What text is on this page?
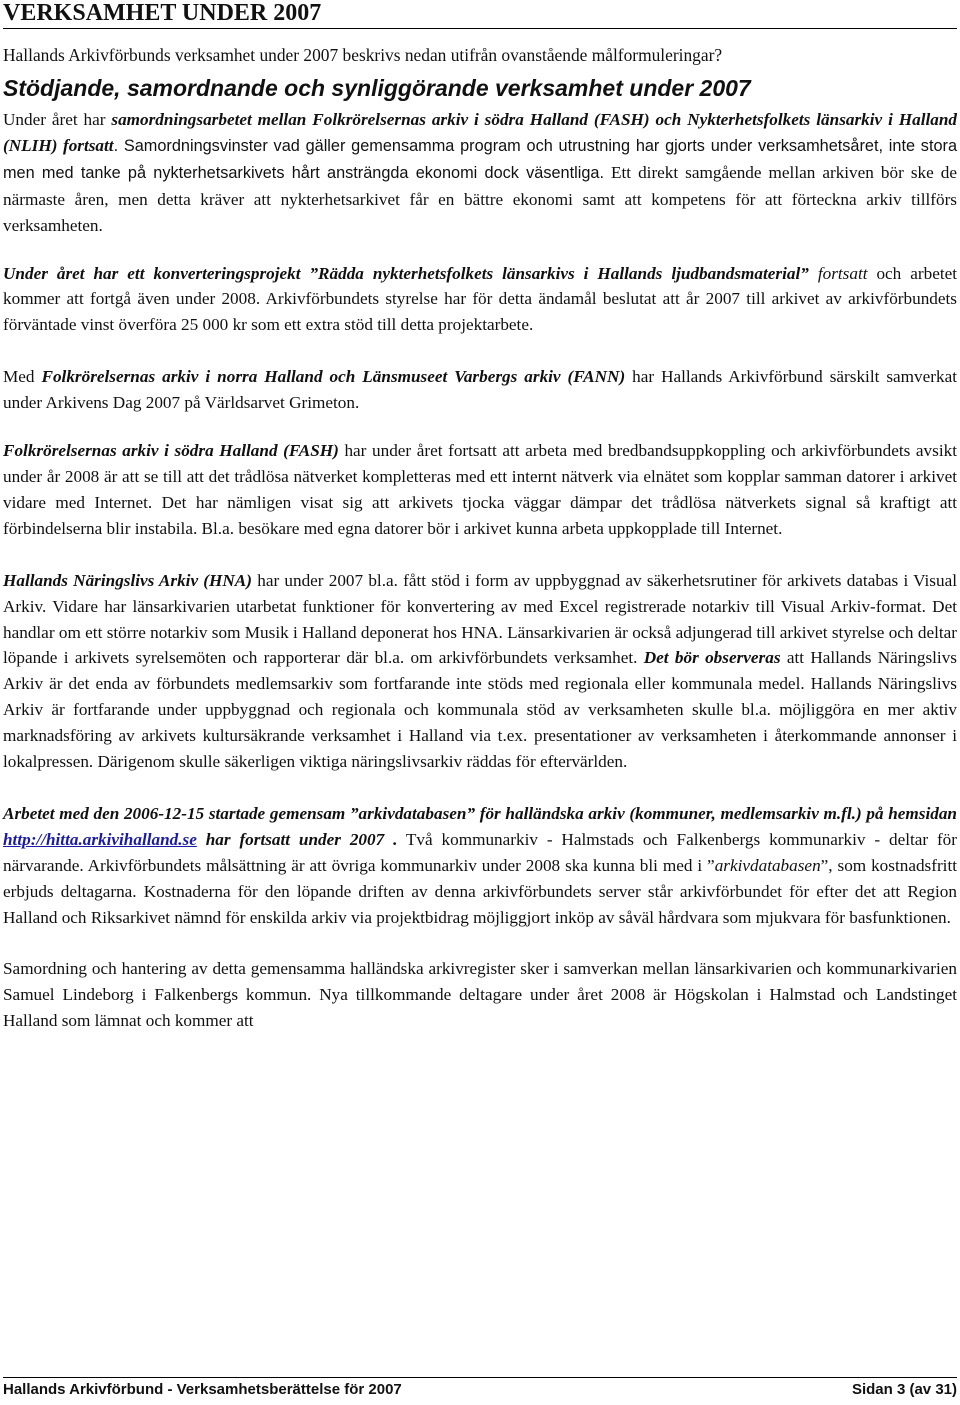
VERKSAMHET UNDER 2007

Hallands Arkivförbunds verksamhet under 2007 beskrivs nedan utifrån ovanstående målformuleringar?

Stödjande, samordnande och synliggörande verksamhet under 2007

Under året har samordningsarbetet mellan Folkrörelsernas arkiv i södra Halland (FASH) och Nykterhetsfolkets länsarkiv i Halland (NLIH) fortsatt. Samordningsvinster vad gäller gemensamma program och utrustning har gjorts under verksamhetsåret, inte stora men med tanke på nykterhetsarkivets hårt ansträngda ekonomi dock väsentliga. Ett direkt samgående mellan arkiven bör ske de närmaste åren, men detta kräver att nykterhetsarkivet får en bättre ekonomi samt att kompetens för att förteckna arkiv tillförs verksamheten.

Under året har ett konverteringsprojekt ”Rädda nykterhetsfolkets länsarkivs i Hallands ljudbandsmaterial” fortsatt och arbetet kommer att fortgå även under 2008. Arkivförbundets styrelse har för detta ändamål beslutat att år 2007 till arkivet av arkivförbundets förväntade vinst överföra 25 000 kr som ett extra stöd till detta projektarbete.

Med Folkrörelsernas arkiv i norra Halland och Länsmuseet Varbergs arkiv (FANN) har Hallands Arkivförbund särskilt samverkat under Arkivens Dag 2007 på Världsarvet Grimeton.

Folkrörelsernas arkiv i södra Halland (FASH) har under året fortsatt att arbeta med bredbandsuppkoppling och arkivförbundets avsikt under år 2008 är att se till att det trådlösa nätverket kompletteras med ett internt nätverk via elnätet som kopplar samman datorer i arkivet vidare med Internet. Det har nämligen visat sig att arkivets tjocka väggar dämpar det trådlösa nätverkets signal så kraftigt att förbindelserna blir instabila. Bl.a. besökare med egna datorer bör i arkivet kunna arbeta uppkopplade till Internet.

Hallands Näringslivs Arkiv (HNA) har under 2007 bl.a. fått stöd i form av uppbyggnad av säkerhetsrutiner för arkivets databas i Visual Arkiv. Vidare har länsarkivarien utarbetat funktioner för konvertering av med Excel registrerade notarkiv till Visual Arkiv-format. Det handlar om ett större notarkiv som Musik i Halland deponerat hos HNA. Länsarkivarien är också adjungerad till arkivet styrelse och deltar löpande i arkivets syrelsemöten och rapporterar där bl.a. om arkivförbundets verksamhet. Det bör observeras att Hallands Näringslivs Arkiv är det enda av förbundets medlemsarkiv som fortfarande inte stöds med regionala eller kommunala medel. Hallands Näringslivs Arkiv är fortfarande under uppbyggnad och regionala och kommunala stöd av verksamheten skulle bl.a. möjliggöra en mer aktiv marknadsföring av arkivets kultursäkrande verksamhet i Halland via t.ex. presentationer av verksamheten i återkommande annonser i lokalpressen. Därigenom skulle säkerligen viktiga näringslivsarkiv räddas för eftervärlden.

Arbetet med den 2006-12-15 startade gemensam ”arkivdatabasen” för halländska arkiv (kommuner, medlemsarkiv m.fl.) på hemsidan http://hitta.arkivihalland.se har fortsatt under 2007 . Två kommunarkiv - Halmstads och Falkenbergs kommunarkiv - deltar för närvarande. Arkivförbundets målsättning är att övriga kommunarkiv under 2008 ska kunna bli med i ”arkivdatabasen”, som kostnadsfritt erbjuds deltagarna. Kostnaderna för den löpande driften av denna arkivförbundets server står arkivförbundet för efter det att Region Halland och Riksarkivet nämnd för enskilda arkiv via projektbidrag möjliggjort inköp av såväl hårdvara som mjukvara för basfunktionen.

Samordning och hantering av detta gemensamma halländska arkivregister sker i samverkan mellan länsarkivarien och kommunarkivarien Samuel Lindeborg i Falkenbergs kommun. Nya tillkommande deltagare under året 2008 är Högskolan i Halmstad och Landstinget Halland som lämnat och kommer att

Hallands Arkivförbund - Verksamhetsberättelse för 2007	Sidan 3 (av 31)
